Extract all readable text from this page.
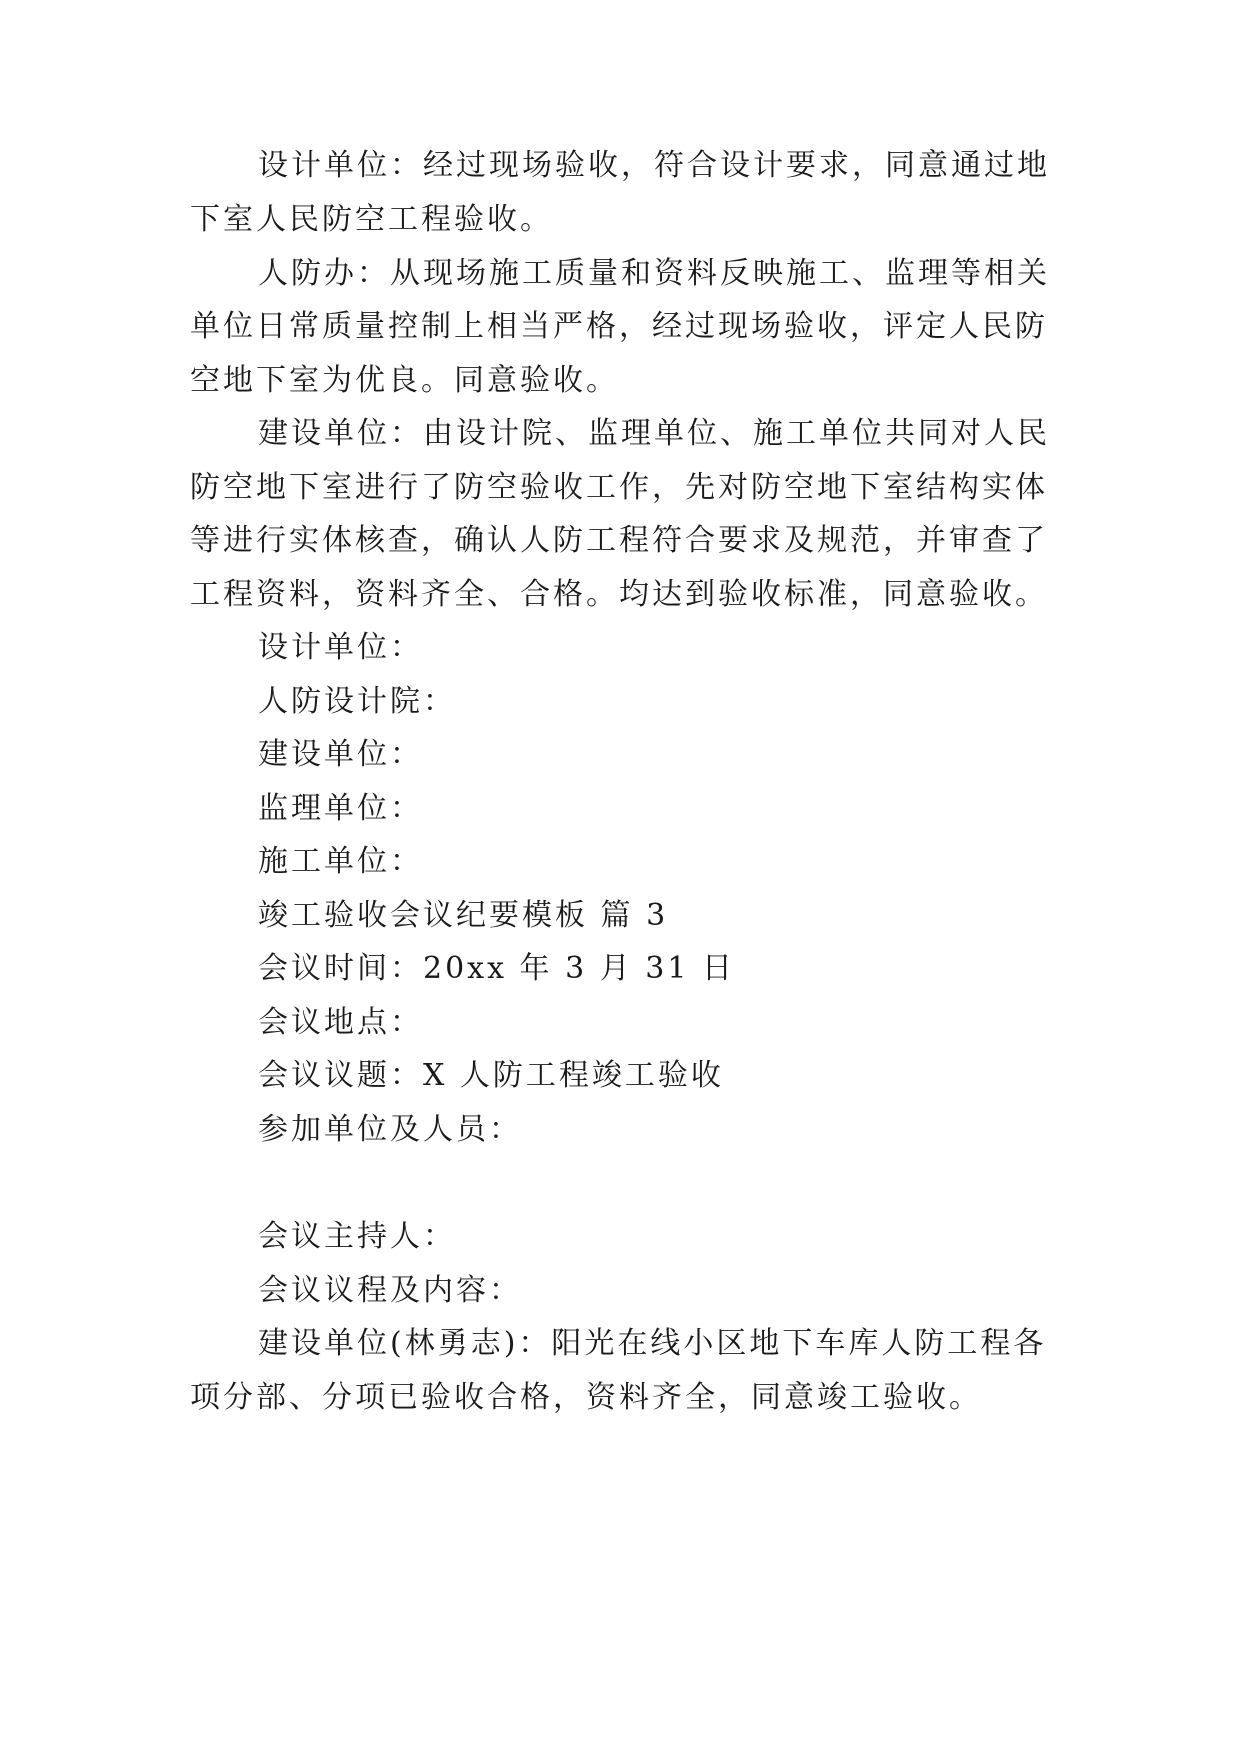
设计单位：经过现场验收，符合设计要求，同意通过地
下室人民防空工程验收。
人防办：从现场施工质量和资料反映施工、监理等相关
单位日常质量控制上相当严格，经过现场验收，评定人民防
空地下室为优良。同意验收。
建设单位：由设计院、监理单位、施工单位共同对人民
防空地下室进行了防空验收工作，先对防空地下室结构实体
等进行实体核查，确认人防工程符合要求及规范，并审查了
工程资料，资料齐全、合格。均达到验收标准，同意验收。
设计单位：
人防设计院：
建设单位：
监理单位：
施工单位：
竣工验收会议纪要模板 篇 3
会议时间：20xx 年 3 月 31 日
会议地点：
会议议题：X 人防工程竣工验收
参加单位及人员：
会议主持人：
会议议程及内容：
建设单位(林勇志)：阳光在线小区地下车库人防工程各
项分部、分项已验收合格，资料齐全，同意竣工验收。
